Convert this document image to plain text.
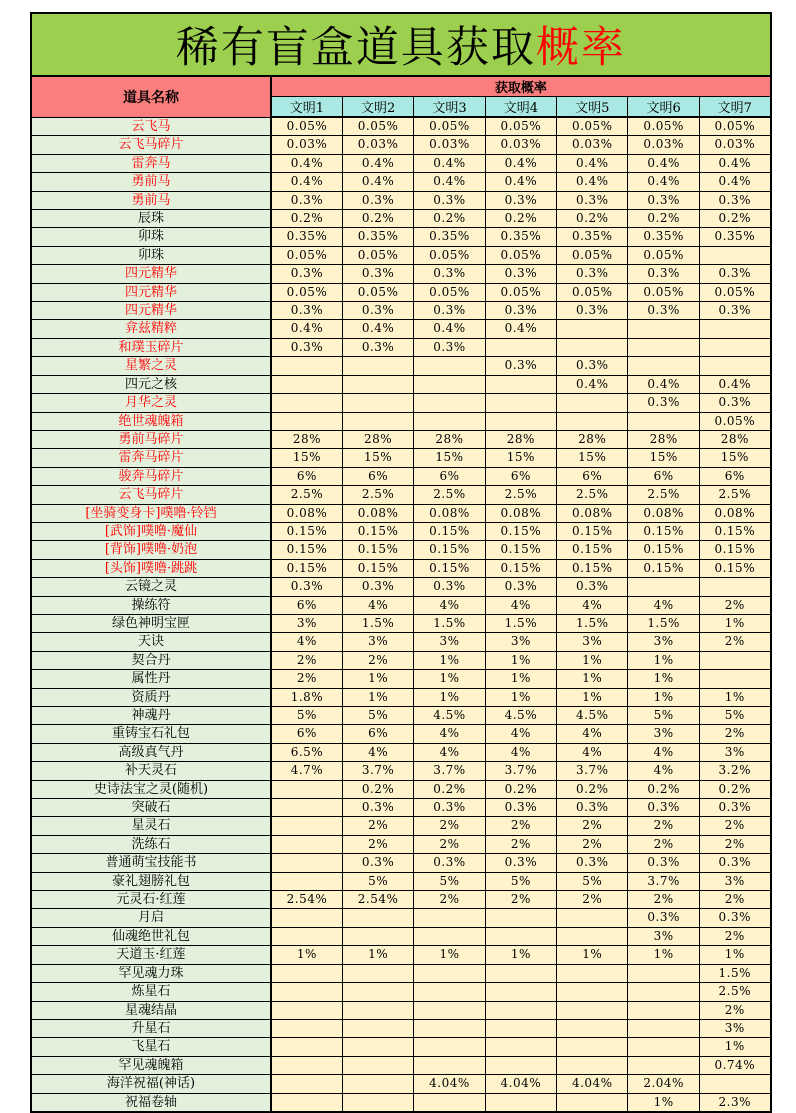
稀有盲盒道具获取概率							
道具名称	获取概率						
	文明1	文明2	文明3	文明4	文明5	文明6	文明7
云飞马	0.05%	0.05%	0.05%	0.05%	0.05%	0.05%	0.05%
云飞马碎片	0.03%	0.03%	0.03%	0.03%	0.03%	0.03%	0.03%
雷奔马	0.4%	0.4%	0.4%	0.4%	0.4%	0.4%	0.4%
勇前马	0.4%	0.4%	0.4%	0.4%	0.4%	0.4%	0.4%
勇前马	0.3%	0.3%	0.3%	0.3%	0.3%	0.3%	0.3%
辰珠	0.2%	0.2%	0.2%	0.2%	0.2%	0.2%	0.2%
卯珠	0.35%	0.35%	0.35%	0.35%	0.35%	0.35%	0.35%
卯珠	0.05%	0.05%	0.05%	0.05%	0.05%	0.05%	
四元精华	0.3%	0.3%	0.3%	0.3%	0.3%	0.3%	0.3%
四元精华	0.05%	0.05%	0.05%	0.05%	0.05%	0.05%	0.05%
四元精华	0.3%	0.3%	0.3%	0.3%	0.3%	0.3%	0.3%
弇兹精粹	0.4%	0.4%	0.4%	0.4%			
和璞玉碎片	0.3%	0.3%	0.3%				
星繁之灵				0.3%	0.3%		
四元之核					0.4%	0.4%	0.4%
月华之灵						0.3%	0.3%
绝世魂魄箱							0.05%
勇前马碎片	28%	28%	28%	28%	28%	28%	28%
雷奔马碎片	15%	15%	15%	15%	15%	15%	15%
骏奔马碎片	6%	6%	6%	6%	6%	6%	6%
云飞马碎片	2.5%	2.5%	2.5%	2.5%	2.5%	2.5%	2.5%
[坐骑变身卡]噗噜·铃铛	0.08%	0.08%	0.08%	0.08%	0.08%	0.08%	0.08%
[武饰]噗噜·魔仙	0.15%	0.15%	0.15%	0.15%	0.15%	0.15%	0.15%
[背饰]噗噜·奶泡	0.15%	0.15%	0.15%	0.15%	0.15%	0.15%	0.15%
[头饰]噗噜·跳跳	0.15%	0.15%	0.15%	0.15%	0.15%	0.15%	0.15%
云镜之灵	0.3%	0.3%	0.3%	0.3%	0.3%		
操练符	6%	4%	4%	4%	4%	4%	2%
绿色神明宝匣	3%	1.5%	1.5%	1.5%	1.5%	1.5%	1%
天诀	4%	3%	3%	3%	3%	3%	2%
契合丹	2%	2%	1%	1%	1%	1%	
属性丹	2%	1%	1%	1%	1%	1%	
资质丹	1.8%	1%	1%	1%	1%	1%	1%
神魂丹	5%	5%	4.5%	4.5%	4.5%	5%	5%
重铸宝石礼包	6%	6%	4%	4%	4%	3%	2%
高级真气丹	6.5%	4%	4%	4%	4%	4%	3%
补天灵石	4.7%	3.7%	3.7%	3.7%	3.7%	4%	3.2%
史诗法宝之灵(随机)		0.2%	0.2%	0.2%	0.2%	0.2%	0.2%
突破石		0.3%	0.3%	0.3%	0.3%	0.3%	0.3%
星灵石		2%	2%	2%	2%	2%	2%
洗练石		2%	2%	2%	2%	2%	2%
普通萌宝技能书		0.3%	0.3%	0.3%	0.3%	0.3%	0.3%
豪礼翅膀礼包		5%	5%	5%	5%	3.7%	3%
元灵石·红莲	2.54%	2.54%	2%	2%	2%	2%	2%
月启						0.3%	0.3%
仙魂绝世礼包						3%	2%
天道玉·红莲	1%	1%	1%	1%	1%	1%	1%
罕见魂力珠							1.5%
炼星石							2.5%
星魂结晶							2%
升星石							3%
飞星石							1%
罕见魂魄箱							0.74%
海洋祝福(神话)			4.04%	4.04%	4.04%	2.04%	
祝福卷轴						1%	2.3%
